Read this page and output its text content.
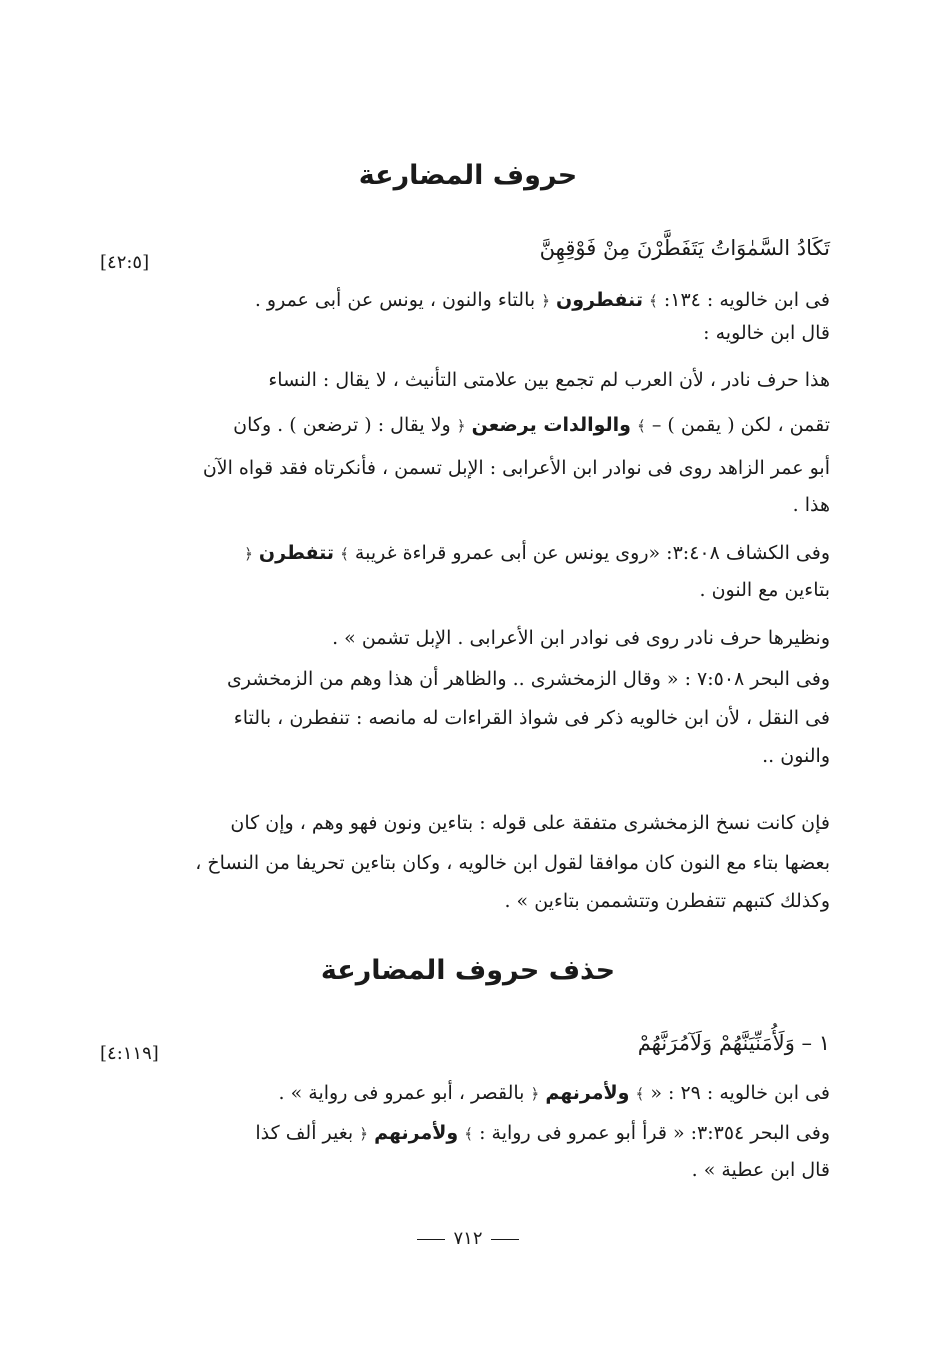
حروف المضارعة
تَكَادُ السَّمٰوَاتُ يَتَفَطَّرْنَ مِنْ فَوْقِهِنَّ
[٤٢:٥]
فى ابن خالويه : ١٣٤: ﴾ تنفطرون ﴿ بالتاء والنون ، يونس عن أبى عمرو .
قال ابن خالويه :
هذا حرف نادر ، لأن العرب لم تجمع بين علامتى التأنيث ، لا يقال : النساء
تقمن ، لكن ( يقمن ) – ﴾ والوالدات يرضعن ﴿ ولا يقال : ( ترضعن ) . وكان
أبو عمر الزاهد روى فى نوادر ابن الأعرابى : الإبل تسمن ، فأنكرتاه فقد قواه الآن
هذا .
وفى الكشاف ٣:٤٠٨: «روى يونس عن أبى عمرو قراءة غريبة ﴾ تتفطرن ﴿
بتاءين مع النون .
ونظيرها حرف نادر روى فى نوادر ابن الأعرابى . الإبل تشمن » .
وفى البحر ٧:٥٠٨ : « وقال الزمخشرى .. والظاهر أن هذا وهم من الزمخشرى
فى النقل ، لأن ابن خالويه ذكر فى شواذ القراءات له مانصه : تنفطرن ، بالتاء
والنون ..
فإن كانت نسخ الزمخشرى متفقة على قوله : بتاءين ونون فهو وهم ، وإن كان
بعضها بتاء مع النون كان موافقا لقول ابن خالويه ، وكان بتاءين تحريفا من النساخ ،
وكذلك كتبهم تتفطرن وتتشممن بتاءين » .
حذف حروف المضارعة
١ – وَلَأُمَنِّيَنَّهُمْ وَلَآمُرَنَّهُمْ
[٤:١١٩]
فى ابن خالويه : ٢٩ : « ﴾ ولأمرنهم ﴿ بالقصر ، أبو عمرو فى رواية » .
وفى البحر ٣:٣٥٤: « قرأ أبو عمرو فى رواية : ﴾ ولأمرنهم ﴿ بغير ألف كذا
قال ابن عطية » .
٧١٢
